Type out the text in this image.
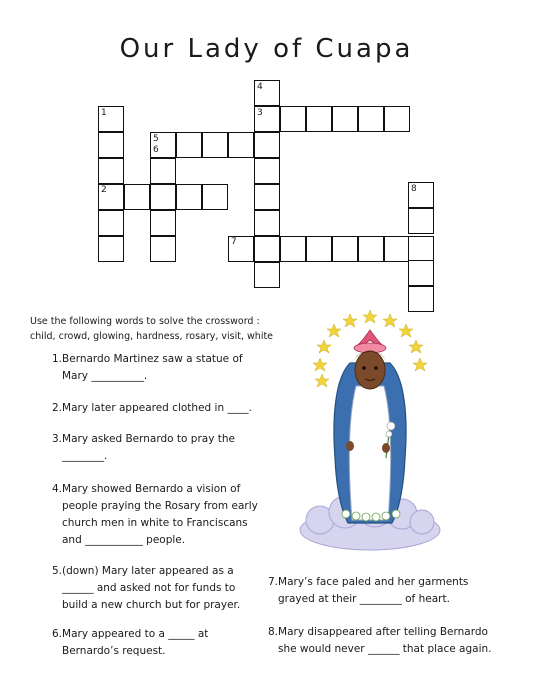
Our Lady of Cuapa
1
2
3
4
5
6
7
8
Use the following words to solve the crossword :
child, crowd, glowing, hardness, rosary, visit, white
1.Bernardo Martinez saw a statue of
Mary __________.
2.Mary later appeared clothed in ____.
3.Mary asked Bernardo to pray the
________.
4.Mary showed Bernardo a vision of
people praying the Rosary from early
church men in white to Franciscans
and ___________ people.
5.(down) Mary later appeared as a
______ and asked not for funds to
build a new church but for prayer.
6.Mary appeared to a _____ at
Bernardo’s request.
7.Mary’s face paled and her garments
grayed at their ________ of heart.
8.Mary disappeared after telling Bernardo
she would never ______ that place again.
